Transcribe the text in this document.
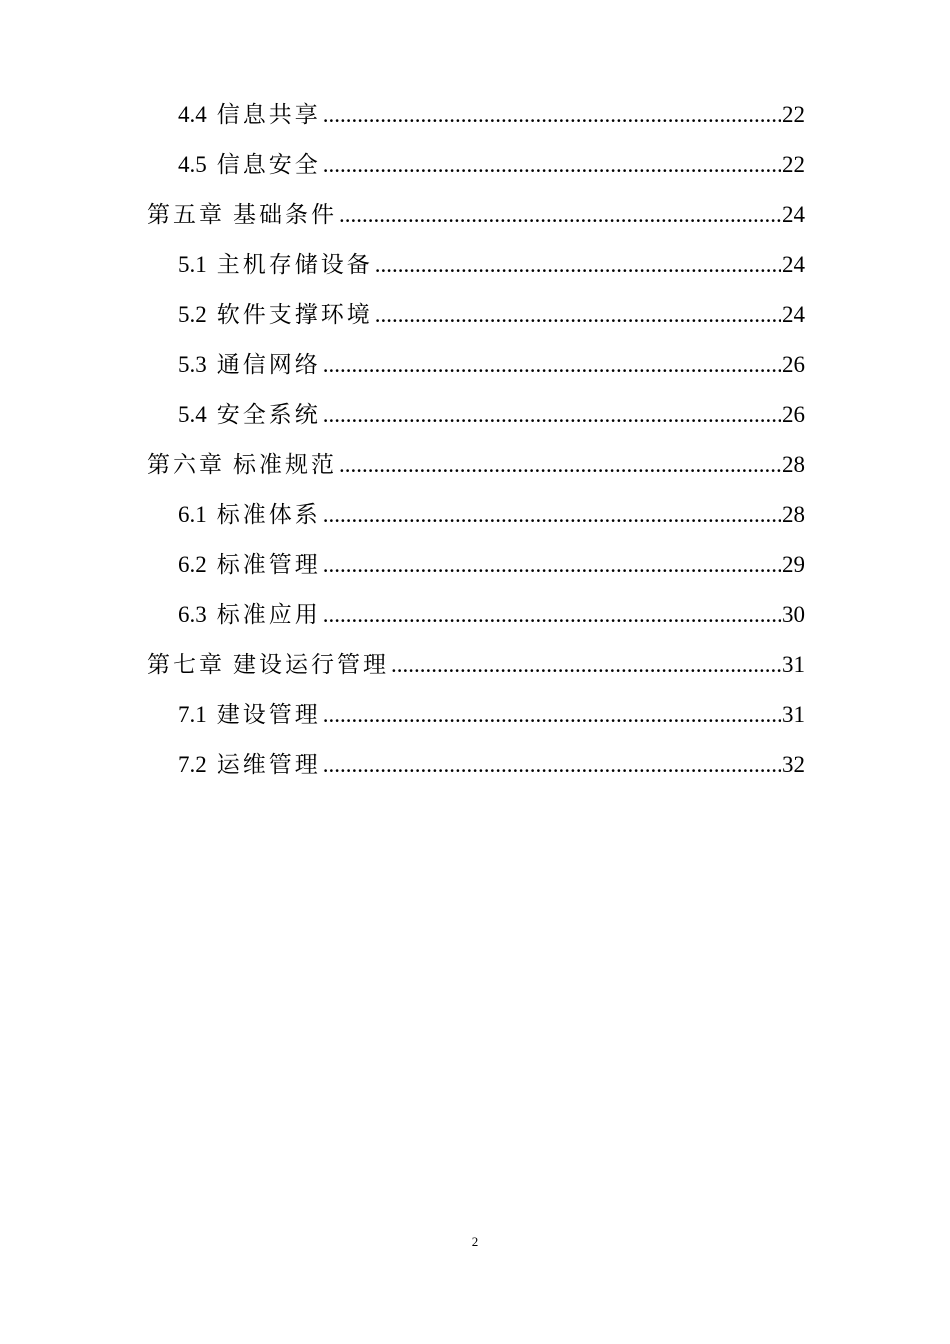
4.4 信息共享 .....	22
4.5 信息安全 .....	22
第五章 基础条件 .....	24
5.1 主机存储设备 .....	24
5.2 软件支撑环境 .....	24
5.3 通信网络 .....	26
5.4 安全系统 .....	26
第六章 标准规范 .....	28
6.1 标准体系 .....	28
6.2 标准管理 .....	29
6.3 标准应用 .....	30
第七章 建设运行管理 .....	31
7.1 建设管理 .....	31
7.2 运维管理 .....	32
2
